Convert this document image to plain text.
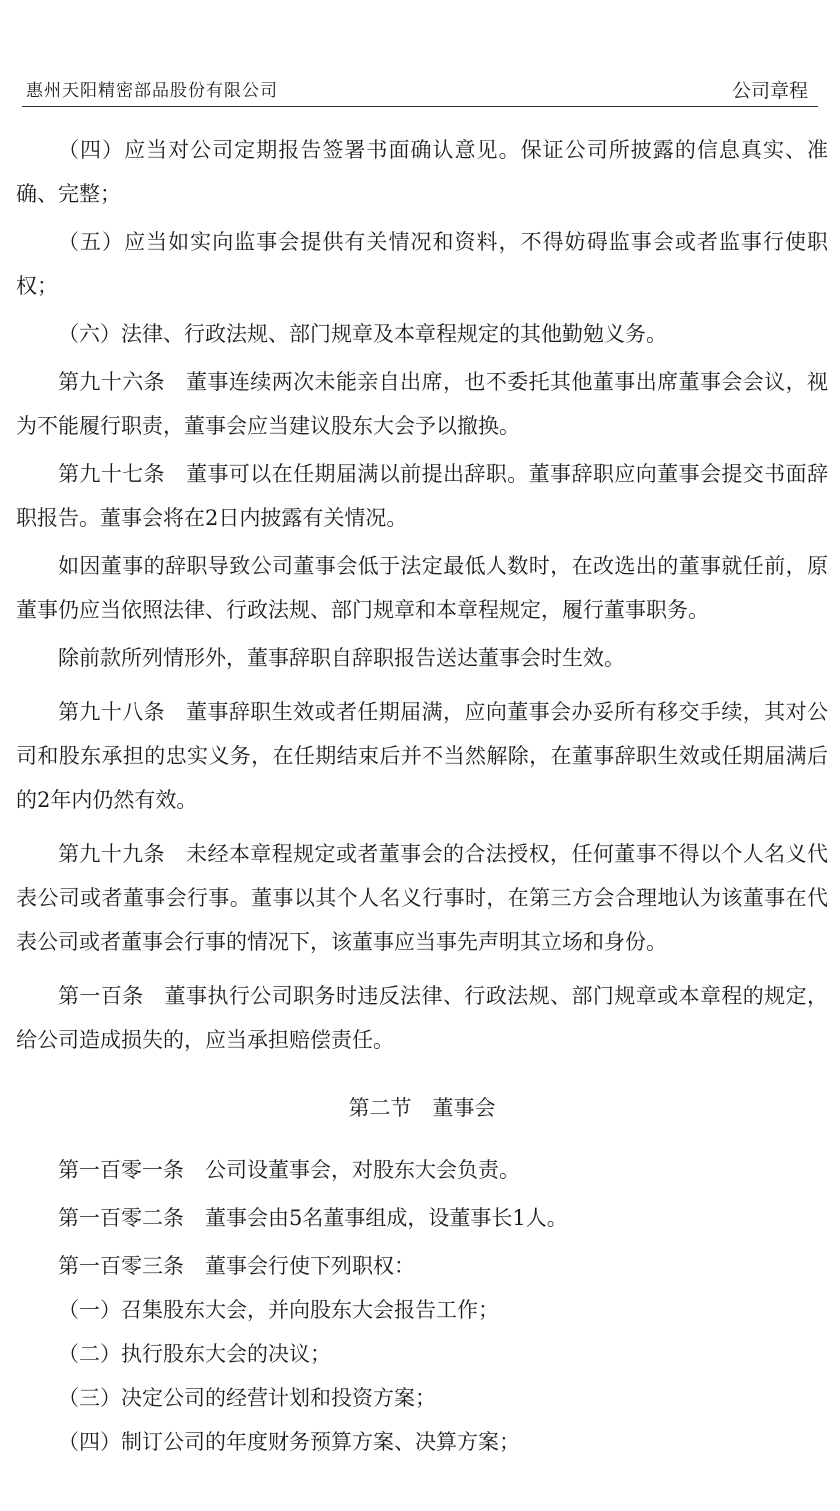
惠州天阳精密部品股份有限公司	公司章程

（四）应当对公司定期报告签署书面确认意见。保证公司所披露的信息真实、准确、完整；

（五）应当如实向监事会提供有关情况和资料，不得妨碍监事会或者监事行使职权；

（六）法律、行政法规、部门规章及本章程规定的其他勤勉义务。

第九十六条 董事连续两次未能亲自出席，也不委托其他董事出席董事会会议，视为不能履行职责，董事会应当建议股东大会予以撤换。

第九十七条 董事可以在任期届满以前提出辞职。董事辞职应向董事会提交书面辞职报告。董事会将在2日内披露有关情况。

如因董事的辞职导致公司董事会低于法定最低人数时，在改选出的董事就任前，原董事仍应当依照法律、行政法规、部门规章和本章程规定，履行董事职务。

除前款所列情形外，董事辞职自辞职报告送达董事会时生效。

第九十八条 董事辞职生效或者任期届满，应向董事会办妥所有移交手续，其对公司和股东承担的忠实义务，在任期结束后并不当然解除，在董事辞职生效或任期届满后的2年内仍然有效。

第九十九条 未经本章程规定或者董事会的合法授权，任何董事不得以个人名义代表公司或者董事会行事。董事以其个人名义行事时，在第三方会合理地认为该董事在代表公司或者董事会行事的情况下，该董事应当事先声明其立场和身份。

第一百条 董事执行公司职务时违反法律、行政法规、部门规章或本章程的规定，给公司造成损失的，应当承担赔偿责任。

第二节 董事会

第一百零一条 公司设董事会，对股东大会负责。

第一百零二条 董事会由5名董事组成，设董事长1人。

第一百零三条 董事会行使下列职权：

（一）召集股东大会，并向股东大会报告工作；

（二）执行股东大会的决议；

（三）决定公司的经营计划和投资方案；

（四）制订公司的年度财务预算方案、决算方案；
